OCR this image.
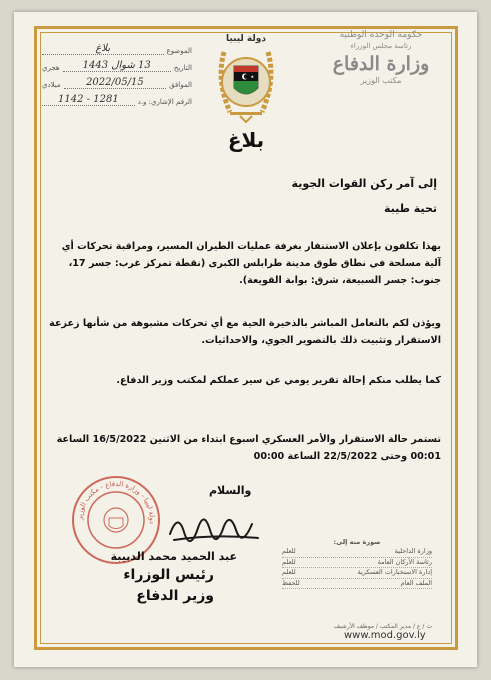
حكومة الوحدة الوطنية
رئاسة مجلس الوزراء
وزارة الدفاع
مكتب الوزير
دولة ليبيا
★
الموضوع
بلاغ
التاريخ
13 شوال 1443
هجري
الموافق
2022/05/15
ميلادي
الرقم الإشاري: و.د
1281 - 1142
بلاغ
إلى آمر ركن القوات الجوية
تحية طيبة
بهذا تكلفون بإعلان الاستنفار بغرفة عمليات الطيران المسير، ومراقبة تحركات أي آلية مسلحة في نطاق طوق مدينة طرابلس الكبرى (نقطة تمركز غرب: جسر 17، جنوب: جسر السبيعة، شرق: بوابة القويعة).
ويؤذن لكم بالتعامل المباشر بالذخيرة الحية مع أي تحركات مشبوهة من شأنها زعزعة الاستقرار وتثبيت ذلك بالتصوير الجوي، والاحداثيات.
كما يطلب منكم إحالة تقرير يومي عن سير عملكم لمكتب وزير الدفاع.
تستمر حالة الاستقرار والأمر العسكري اسبوع ابتداء من الاثنين 16/5/2022 الساعة 00:01 وحتى 22/5/2022 الساعة 00:00
والسلام
دولة ليبيا - وزارة الدفاع - مكتب الوزير
عبد الحميد محمد الدبيبة
رئيس الوزراء
وزير الدفاع
صورة منه إلى:
وزارة الداخلية
للعلم
رئاسة الأركان العامة
للعلم
إدارة الاستخبارات العسكرية
للعلم
الملف العام
للحفظ
ت / ع / مدير المكتب / موظف الأرشيف
www.mod.gov.ly
